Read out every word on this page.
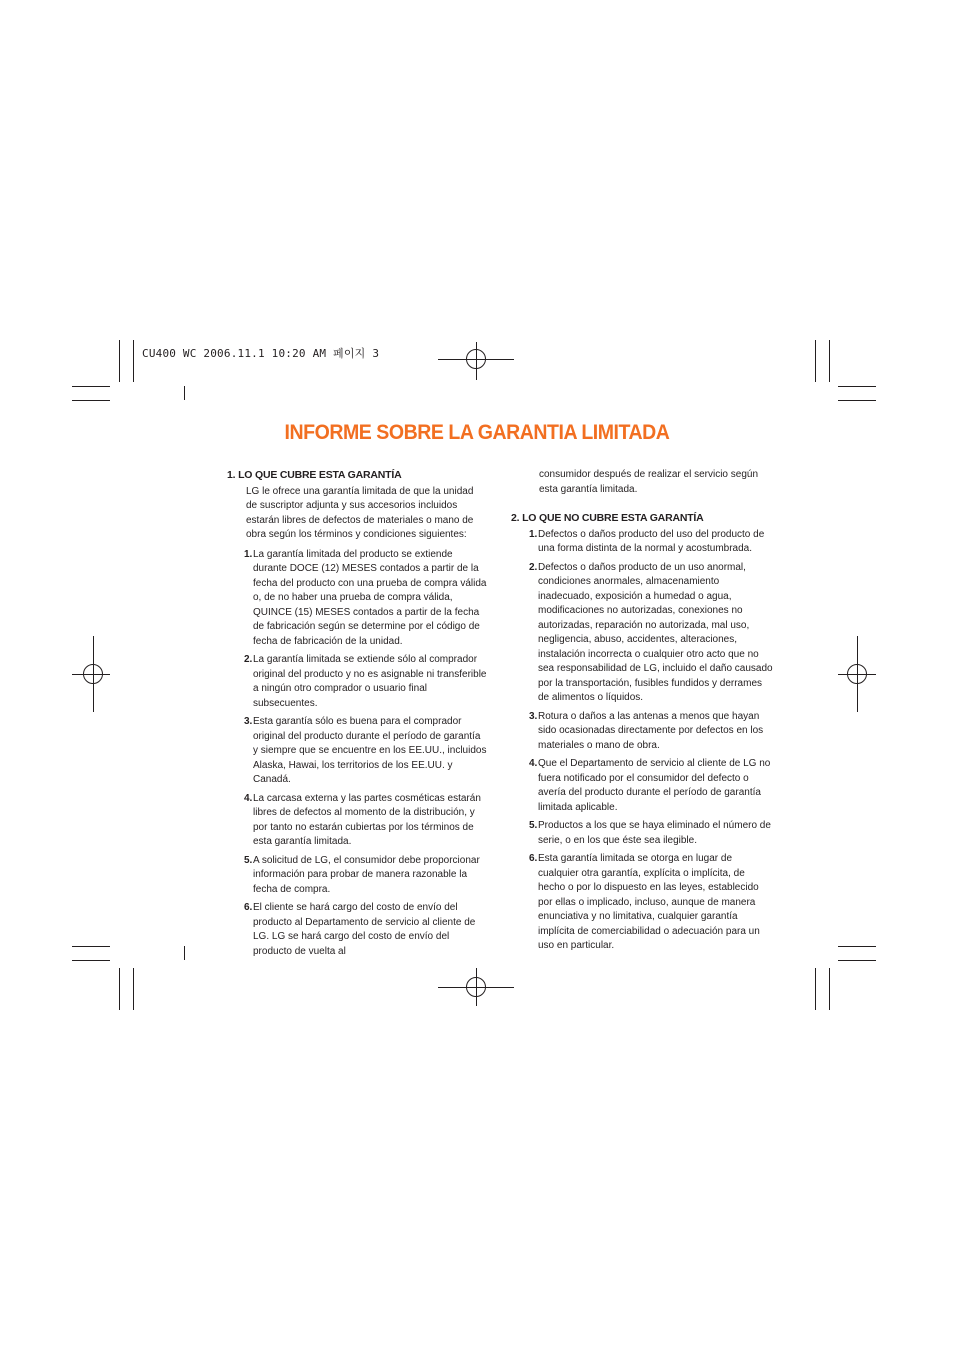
CU400 WC 2006.11.1 10:20 AM 페이지 3
INFORME SOBRE LA GARANTIA LIMITADA
1. LO QUE CUBRE ESTA GARANTÍA
LG le ofrece una garantía limitada de que la unidad de suscriptor adjunta y sus accesorios incluidos estarán libres de defectos de materiales o mano de obra según los términos y condiciones siguientes:
1. La garantía limitada del producto se extiende durante DOCE (12) MESES contados a partir de la fecha del producto con una prueba de compra válida o, de no haber una prueba de compra válida, QUINCE (15) MESES contados a partir de la fecha de fabricación según se determine por el código de fecha de fabricación de la unidad.
2. La garantía limitada se extiende sólo al comprador original del producto y no es asignable ni transferible a ningún otro comprador o usuario final subsecuentes.
3. Esta garantía sólo es buena para el comprador original del producto durante el período de garantía y siempre que se encuentre en los EE.UU., incluidos Alaska, Hawai, los territorios de los EE.UU. y Canadá.
4. La carcasa externa y las partes cosméticas estarán libres de defectos al momento de la distribución, y por tanto no estarán cubiertas por los términos de esta garantía limitada.
5. A solicitud de LG, el consumidor debe proporcionar información para probar de manera razonable la fecha de compra.
6. El cliente se hará cargo del costo de envío del producto al Departamento de servicio al cliente de LG. LG se hará cargo del costo de envío del producto de vuelta al
consumidor después de realizar el servicio según esta garantía limitada.
2. LO QUE NO CUBRE ESTA GARANTÍA
1. Defectos o daños producto del uso del producto de una forma distinta de la normal y acostumbrada.
2. Defectos o daños producto de un uso anormal, condiciones anormales, almacenamiento inadecuado, exposición a humedad o agua, modificaciones no autorizadas, conexiones no autorizadas, reparación no autorizada, mal uso, negligencia, abuso, accidentes, alteraciones, instalación incorrecta o cualquier otro acto que no sea responsabilidad de LG, incluido el daño causado por la transportación, fusibles fundidos y derrames de alimentos o líquidos.
3. Rotura o daños a las antenas a menos que hayan sido ocasionadas directamente por defectos en los materiales o mano de obra.
4. Que el Departamento de servicio al cliente de LG no fuera notificado por el consumidor del defecto o avería del producto durante el período de garantía limitada aplicable.
5. Productos a los que se haya eliminado el número de serie, o en los que éste sea ilegible.
6. Esta garantía limitada se otorga en lugar de cualquier otra garantía, explícita o implícita, de hecho o por lo dispuesto en las leyes, establecido por ellas o implicado, incluso, aunque de manera enunciativa y no limitativa, cualquier garantía implícita de comerciabilidad o adecuación para un uso en particular.
